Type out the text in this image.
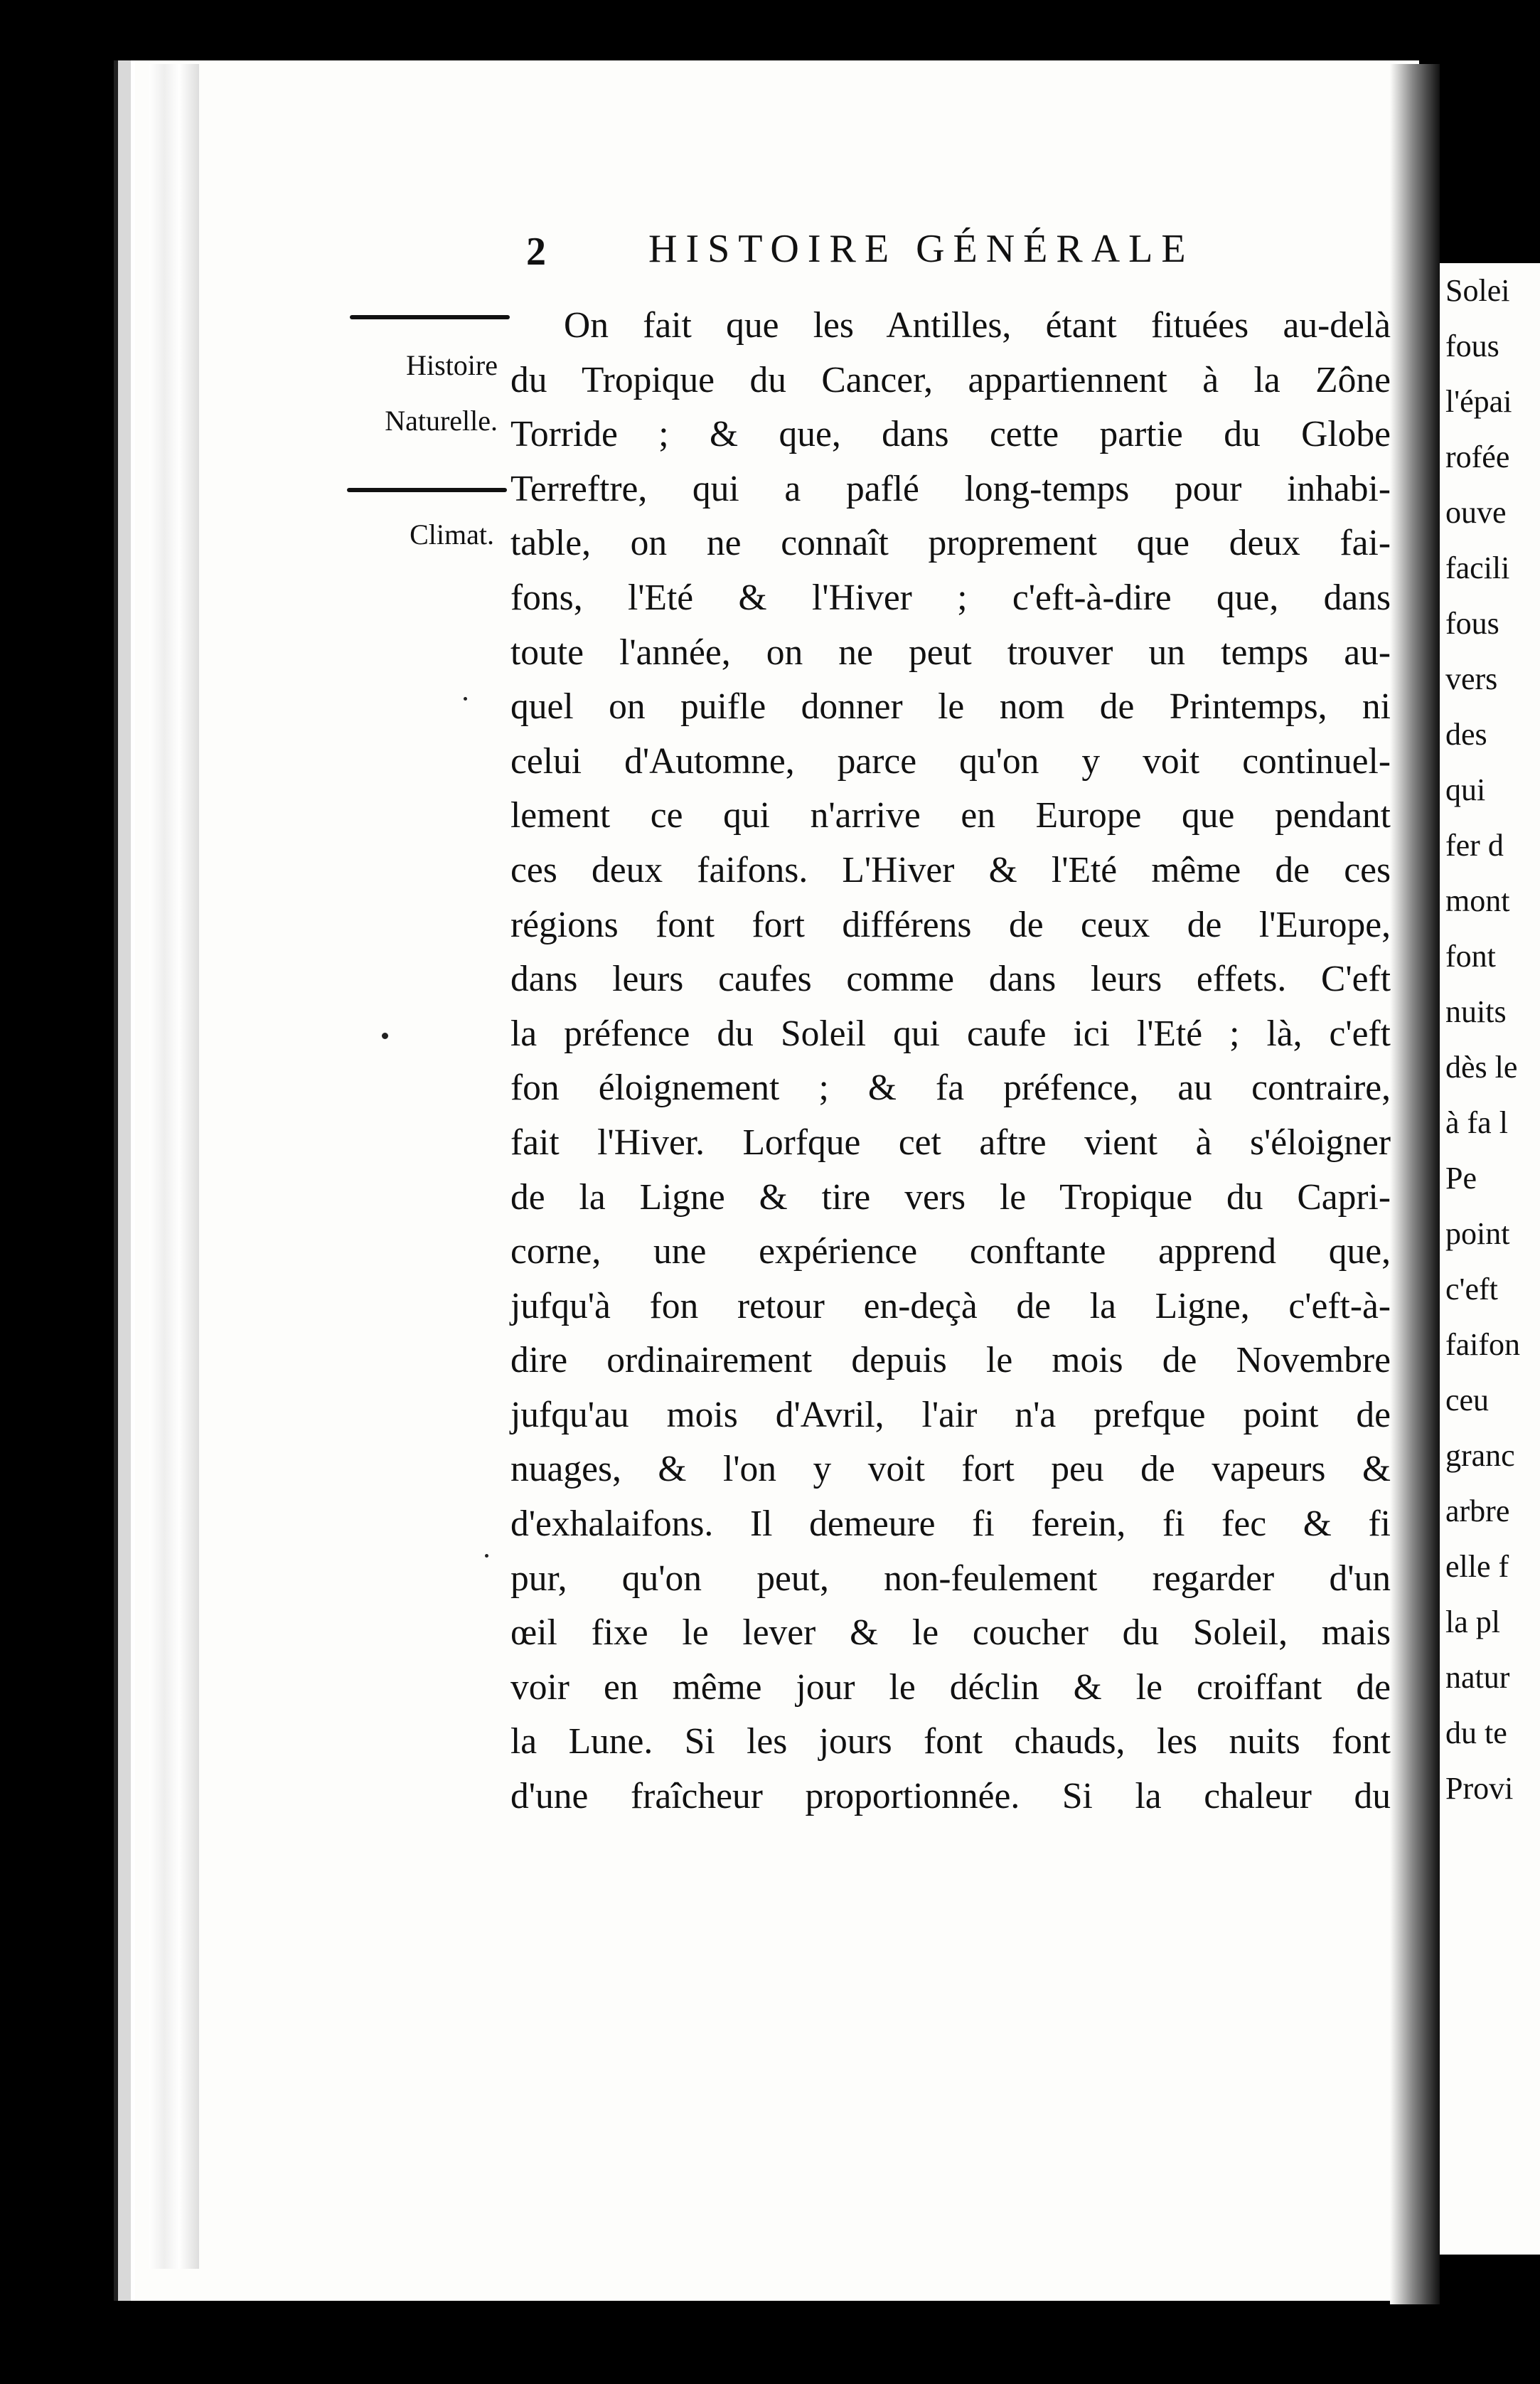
Solei
fous
l'épai
rofée
ouve
facili
fous
vers
des
qui
fer d
mont
font
nuits
dès le
à fa l
Pe
point
c'eft
faifon
ceu
granc
arbre
elle f
la pl
natur
du te
Provi
2	HISTOIRE GÉNÉRALE
Histoire
Naturelle.
Climat.
On fait que les Antilles, étant fituées au-delà
du Tropique du Cancer, appartiennent à la Zône
Torride ; & que, dans cette partie du Globe
Terreftre, qui a paflé long-temps pour inhabi-
table, on ne connaît proprement que deux fai-
fons, l'Eté & l'Hiver ; c'eft-à-dire que, dans
toute l'année, on ne peut trouver un temps au-
quel on puifle donner le nom de Printemps, ni
celui d'Automne, parce qu'on y voit continuel-
lement ce qui n'arrive en Europe que pendant
ces deux faifons. L'Hiver & l'Eté même de ces
régions font fort différens de ceux de l'Europe,
dans leurs caufes comme dans leurs effets. C'eft
la préfence du Soleil qui caufe ici l'Eté ; là, c'eft
fon éloignement ; & fa préfence, au contraire,
fait l'Hiver. Lorfque cet aftre vient à s'éloigner
de la Ligne & tire vers le Tropique du Capri-
corne, une expérience conftante apprend que,
jufqu'à fon retour en-deçà de la Ligne, c'eft-à-
dire ordinairement depuis le mois de Novembre
jufqu'au mois d'Avril, l'air n'a prefque point de
nuages, & l'on y voit fort peu de vapeurs &
d'exhalaifons. Il demeure fi ferein, fi fec & fi
pur, qu'on peut, non-feulement regarder d'un
œil fixe le lever & le coucher du Soleil, mais
voir en même jour le déclin & le croiffant de
la Lune. Si les jours font chauds, les nuits font
d'une fraîcheur proportionnée. Si la chaleur du
